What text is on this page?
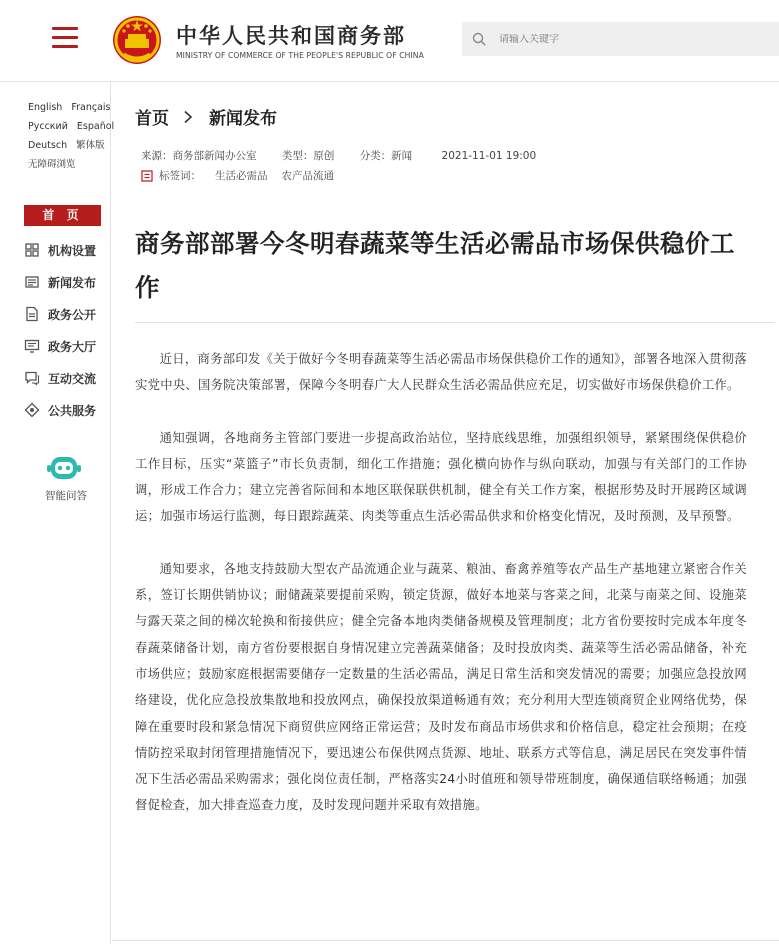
中华人民共和国商务部
MINISTRY OF COMMERCE OF THE PEOPLE'S REPUBLIC OF CHINA
请输入关键字
English Français
Русский Español
Deutsch 繁体版
无障碍浏览
首 页
机构设置
新闻发布
政务公开
政务大厅
互动交流
公共服务
智能问答
首页 新闻发布
来源：商务部新闻办公室 类型：原创 分类：新闻	2021-11-01 19:00
标签词： 生活必需品 农产品流通
商务部部署今冬明春蔬菜等生活必需品市场保供稳价工作

近日，商务部印发《关于做好今冬明春蔬菜等生活必需品市场保供稳价工作的通知》，部署各地深入贯彻落实党中央、国务院决策部署，保障今冬明春广大人民群众生活必需品供应充足，切实做好市场保供稳价工作。

通知强调，各地商务主管部门要进一步提高政治站位，坚持底线思维，加强组织领导，紧紧围绕保供稳价工作目标，压实“菜篮子”市长负责制，细化工作措施；强化横向协作与纵向联动，加强与有关部门的工作协调，形成工作合力；建立完善省际间和本地区联保联供机制，健全有关工作方案，根据形势及时开展跨区域调运；加强市场运行监测，每日跟踪蔬菜、肉类等重点生活必需品供求和价格变化情况，及时预测，及早预警。

通知要求，各地支持鼓励大型农产品流通企业与蔬菜、粮油、畜禽养殖等农产品生产基地建立紧密合作关系，签订长期供销协议；耐储蔬菜要提前采购，锁定货源，做好本地菜与客菜之间，北菜与南菜之间、设施菜与露天菜之间的梯次轮换和衔接供应；健全完备本地肉类储备规模及管理制度；北方省份要按时完成本年度冬春蔬菜储备计划，南方省份要根据自身情况建立完善蔬菜储备；及时投放肉类、蔬菜等生活必需品储备，补充市场供应；鼓励家庭根据需要储存一定数量的生活必需品，满足日常生活和突发情况的需要；加强应急投放网络建设，优化应急投放集散地和投放网点，确保投放渠道畅通有效；充分利用大型连锁商贸企业网络优势，保障在重要时段和紧急情况下商贸供应网络正常运营；及时发布商品市场供求和价格信息，稳定社会预期；在疫情防控采取封闭管理措施情况下，要迅速公布保供网点货源、地址、联系方式等信息，满足居民在突发事件情况下生活必需品采购需求；强化岗位责任制，严格落实24小时值班和领导带班制度，确保通信联络畅通；加强督促检查，加大排查巡查力度，及时发现问题并采取有效措施。
